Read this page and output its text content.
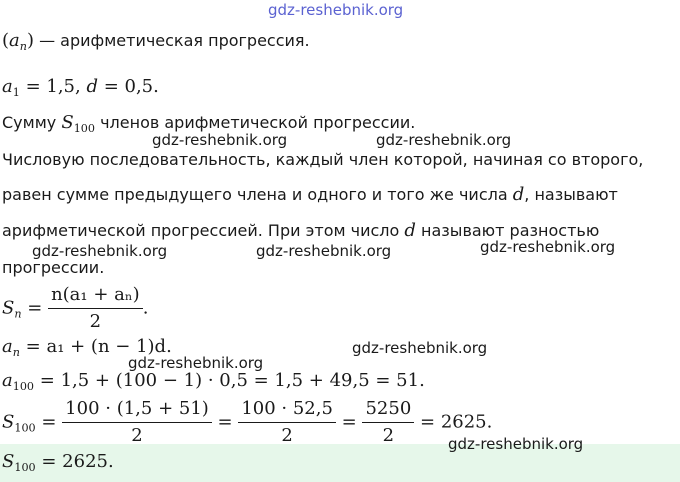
gdz-reshebnik.org
$(a_n)$ — арифметическая прогрессия.
$a_1 = 1,5$, d = 0,5.
Сумму $S_{100}$ членов арифметической прогрессии.
Числовую последовательность, каждый член которой, начиная со второго,
равен сумме предыдущего члена и одного и того же числа d, называют
арифметической прогрессией. При этом число d называют разностью
прогрессии.
$S_n = \frac{\text{n(a₁ + aₙ)}}{2}$ .
$a_n = a_1 + (n - 1)d$.
$a_{100} = 1,5 + (100 - 1) \cdot 0,5 = 1,5 + 49,5 = 51$.
$S_{100} = \frac{100 \cdot (1,5 + 51)}{2} = \frac{100 \cdot 52,5}{2} = \frac{5250}{2} = 2625$.
$S_{100} = 2625$.
gdz-reshebnik.org	gdz-reshebnik.org
gdz-reshebnik.org	gdz-reshebnik.org	gdz-reshebnik.org
gdz-reshebnik.org
gdz-reshebnik.org
gdz-reshebnik.org
